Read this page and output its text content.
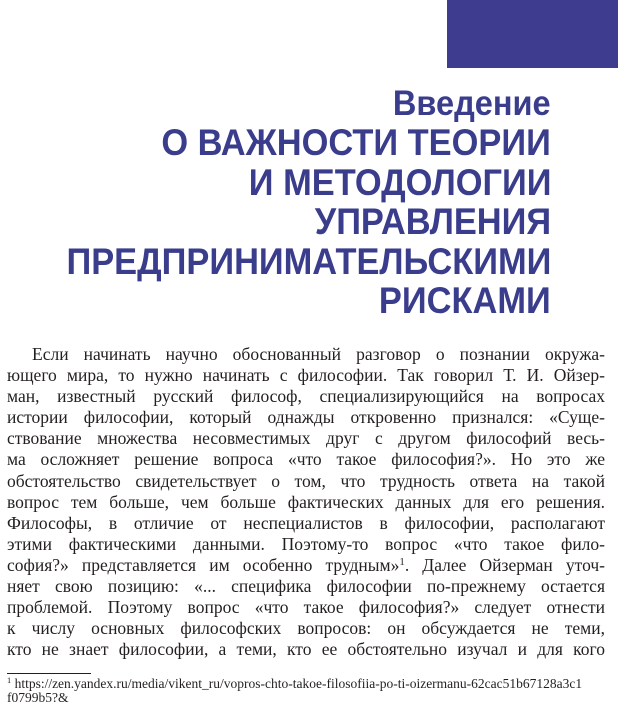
Введение
О ВАЖНОСТИ ТЕОРИИ
И МЕТОДОЛОГИИ
УПРАВЛЕНИЯ
ПРЕДПРИНИМАТЕЛЬСКИМИ
РИСКАМИ
Если начинать научно обоснованный разговор о познании окружа-
ющего мира, то нужно начинать с философии. Так говорил Т. И. Ойзер-
ман, известный русский философ, специализирующийся на вопросах
истории философии, который однажды откровенно признался: «Суще-
ствование множества несовместимых друг с другом философий весь-
ма осложняет решение вопроса «что такое философия?». Но это же
обстоятельство свидетельствует о том, что трудность ответа на такой
вопрос тем больше, чем больше фактических данных для его решения.
Философы, в отличие от неспециалистов в философии, располагают
этими фактическими данными. Поэтому-то вопрос «что такое фило-
софия?» представляется им особенно трудным»$^1$. Далее Ойзерман уточ-
няет свою позицию: «... специфика философии по-прежнему остается
проблемой. Поэтому вопрос «что такое философия?» следует отнести
к числу основных философских вопросов: он обсуждается не теми,
кто не знает философии, а теми, кто ее обстоятельно изучал и для кого
$^1$ https://zen.yandex.ru/media/vikent_ru/vopros-chto-takoe-filosofiia-po-ti-oizermanu-62cac51b67128a3c1
f0799b5?&
